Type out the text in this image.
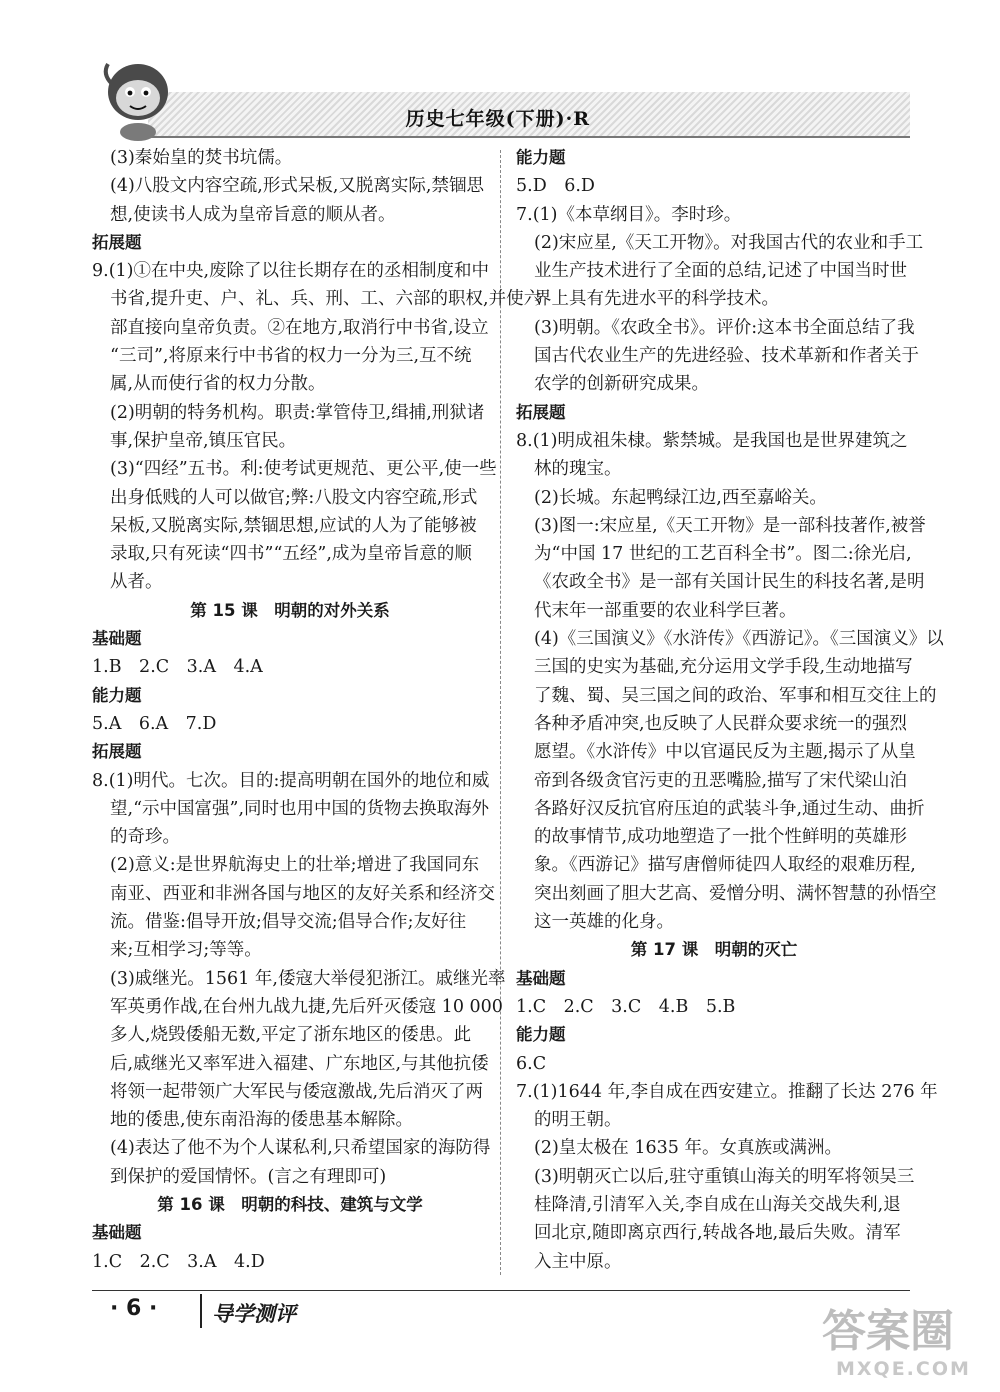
历史七年级(下册)·R
(3)秦始皇的焚书坑儒。
(4)八股文内容空疏,形式呆板,又脱离实际,禁锢思
想,使读书人成为皇帝旨意的顺从者。
拓展题
9.(1)①在中央,废除了以往长期存在的丞相制度和中
书省,提升吏、户、礼、兵、刑、工、六部的职权,并使六
部直接向皇帝负责。②在地方,取消行中书省,设立
“三司”,将原来行中书省的权力一分为三,互不统
属,从而使行省的权力分散。
(2)明朝的特务机构。职责:掌管侍卫,缉捕,刑狱诸
事,保护皇帝,镇压官民。
(3)“四经”五书。利:使考试更规范、更公平,使一些
出身低贱的人可以做官;弊:八股文内容空疏,形式
呆板,又脱离实际,禁锢思想,应试的人为了能够被
录取,只有死读“四书”“五经”,成为皇帝旨意的顺
从者。
第 15 课　明朝的对外关系
基础题
1.B　2.C　3.A　4.A
能力题
5.A　6.A　7.D
拓展题
8.(1)明代。七次。目的:提高明朝在国外的地位和威
望,“示中国富强”,同时也用中国的货物去换取海外
的奇珍。
(2)意义:是世界航海史上的壮举;增进了我国同东
南亚、西亚和非洲各国与地区的友好关系和经济交
流。借鉴:倡导开放;倡导交流;倡导合作;友好往
来;互相学习;等等。
(3)戚继光。1561 年,倭寇大举侵犯浙江。戚继光率
军英勇作战,在台州九战九捷,先后歼灭倭寇 10 000
多人,烧毁倭船无数,平定了浙东地区的倭患。此
后,戚继光又率军进入福建、广东地区,与其他抗倭
将领一起带领广大军民与倭寇激战,先后消灭了两
地的倭患,使东南沿海的倭患基本解除。
(4)表达了他不为个人谋私利,只希望国家的海防得
到保护的爱国情怀。(言之有理即可)
第 16 课　明朝的科技、建筑与文学
基础题
1.C　2.C　3.A　4.D
能力题
5.D　6.D
7.(1)《本草纲目》。李时珍。
(2)宋应星,《天工开物》。对我国古代的农业和手工
业生产技术进行了全面的总结,记述了中国当时世
界上具有先进水平的科学技术。
(3)明朝。《农政全书》。评价:这本书全面总结了我
国古代农业生产的先进经验、技术革新和作者关于
农学的创新研究成果。
拓展题
8.(1)明成祖朱棣。紫禁城。是我国也是世界建筑之
林的瑰宝。
(2)长城。东起鸭绿江边,西至嘉峪关。
(3)图一:宋应星,《天工开物》是一部科技著作,被誉
为“中国 17 世纪的工艺百科全书”。图二:徐光启,
《农政全书》是一部有关国计民生的科技名著,是明
代末年一部重要的农业科学巨著。
(4)《三国演义》《水浒传》《西游记》。《三国演义》以
三国的史实为基础,充分运用文学手段,生动地描写
了魏、蜀、吴三国之间的政治、军事和相互交往上的
各种矛盾冲突,也反映了人民群众要求统一的强烈
愿望。《水浒传》中以官逼民反为主题,揭示了从皇
帝到各级贪官污吏的丑恶嘴脸,描写了宋代梁山泊
各路好汉反抗官府压迫的武装斗争,通过生动、曲折
的故事情节,成功地塑造了一批个性鲜明的英雄形
象。《西游记》描写唐僧师徒四人取经的艰难历程,
突出刻画了胆大艺高、爱憎分明、满怀智慧的孙悟空
这一英雄的化身。
第 17 课　明朝的灭亡
基础题
1.C　2.C　3.C　4.B　5.B
能力题
6.C
7.(1)1644 年,李自成在西安建立。推翻了长达 276 年
的明王朝。
(2)皇太极在 1635 年。女真族或满洲。
(3)明朝灭亡以后,驻守重镇山海关的明军将领吴三
桂降清,引清军入关,李自成在山海关交战失利,退
回北京,随即离京西行,转战各地,最后失败。清军
入主中原。
· 6 ·	导学测评	答案圈
MXQE.COM
